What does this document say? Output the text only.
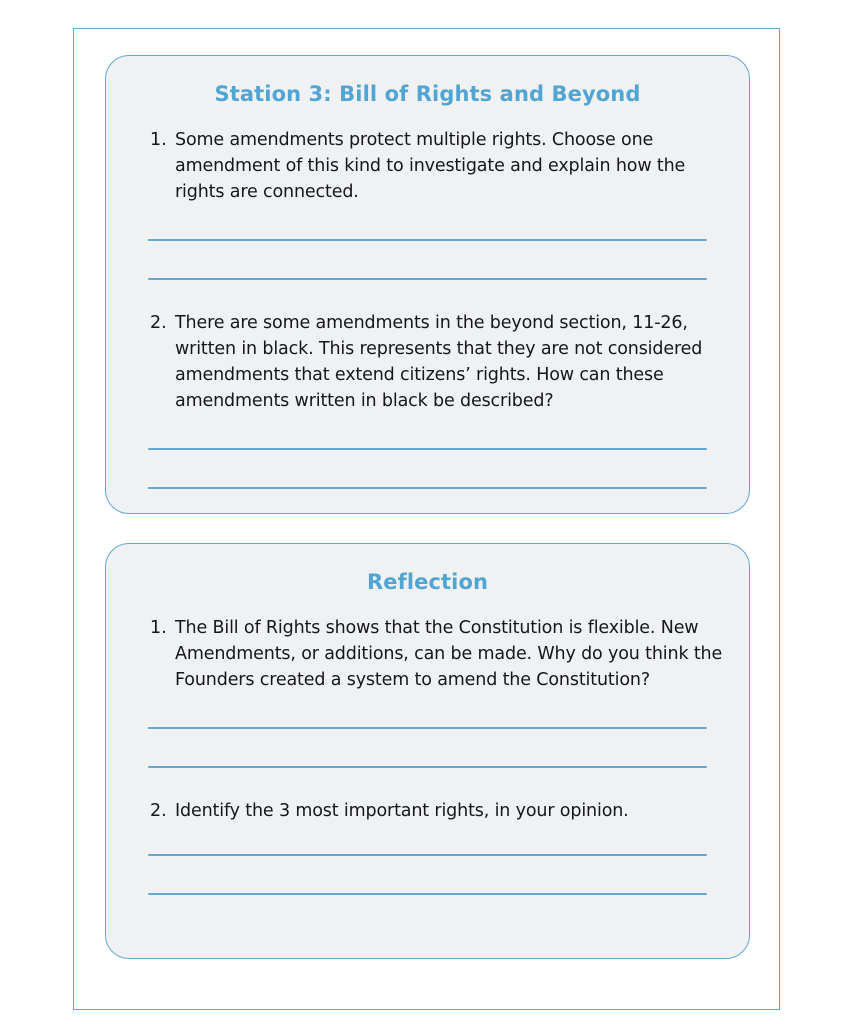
Station 3: Bill of Rights and Beyond
1. Some amendments protect multiple rights. Choose one amendment of this kind to investigate and explain how the rights are connected.
2. There are some amendments in the beyond section, 11-26, written in black. This represents that they are not considered amendments that extend citizens’ rights. How can these amendments written in black be described?
Reflection
1. The Bill of Rights shows that the Constitution is flexible. New Amendments, or additions, can be made. Why do you think the Founders created a system to amend the Constitution?
2. Identify the 3 most important rights, in your opinion.
